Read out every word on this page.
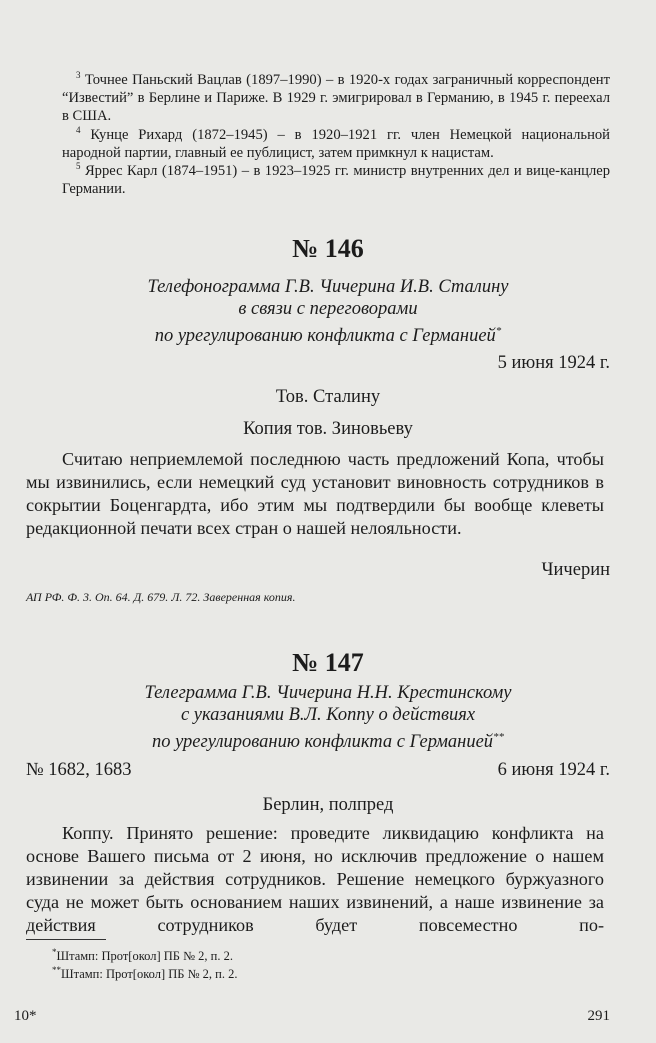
$^3$ Точнее Паньский Вацлав (1897–1990) – в 1920-х годах заграничный корреспондент “Известий” в Берлине и Париже. В 1929 г. эмигрировал в Германию, в 1945 г. переехал в США.

$^4$ Кунце Рихард (1872–1945) – в 1920–1921 гг. член Немецкой национальной народной партии, главный ее публицист, затем примкнул к нацистам.

$^5$ Яррес Карл (1874–1951) – в 1923–1925 гг. министр внутренних дел и вице-канцлер Германии.

№ 146

Телефонограмма Г.В. Чичерина И.В. Сталину
в связи с переговорами
по урегулированию конфликта с Германией*

5 июня 1924 г.

Тов. Сталину

Копия тов. Зиновьеву

Считаю неприемлемой последнюю часть предложений Копа, чтобы мы извинились, если немецкий суд установит виновность сотрудников в сокрытии Боценгардта, ибо этим мы подтвердили бы вообще клеветы редакционной печати всех стран о нашей нелояльности.

Чичерин

АП РФ. Ф. 3. Оп. 64. Д. 679. Л. 72. Заверенная копия.

№ 147

Телеграмма Г.В. Чичерина Н.Н. Крестинскому
с указаниями В.Л. Коппу о действиях
по урегулированию конфликта с Германией**

№ 1682, 1683	6 июня 1924 г.

Берлин, полпред

Коппу. Принято решение: проведите ликвидацию конфликта на основе Вашего письма от 2 июня, но исключив предложение о нашем извинении за действия сотрудников. Решение немецкого буржуазного суда не может быть основанием наших извинений, а наше извинение за действия сотрудников будет повсеместно по-

*Штамп: Прот[окол] ПБ № 2, п. 2.

**Штамп: Прот[окол] ПБ № 2, п. 2.

10*	291
